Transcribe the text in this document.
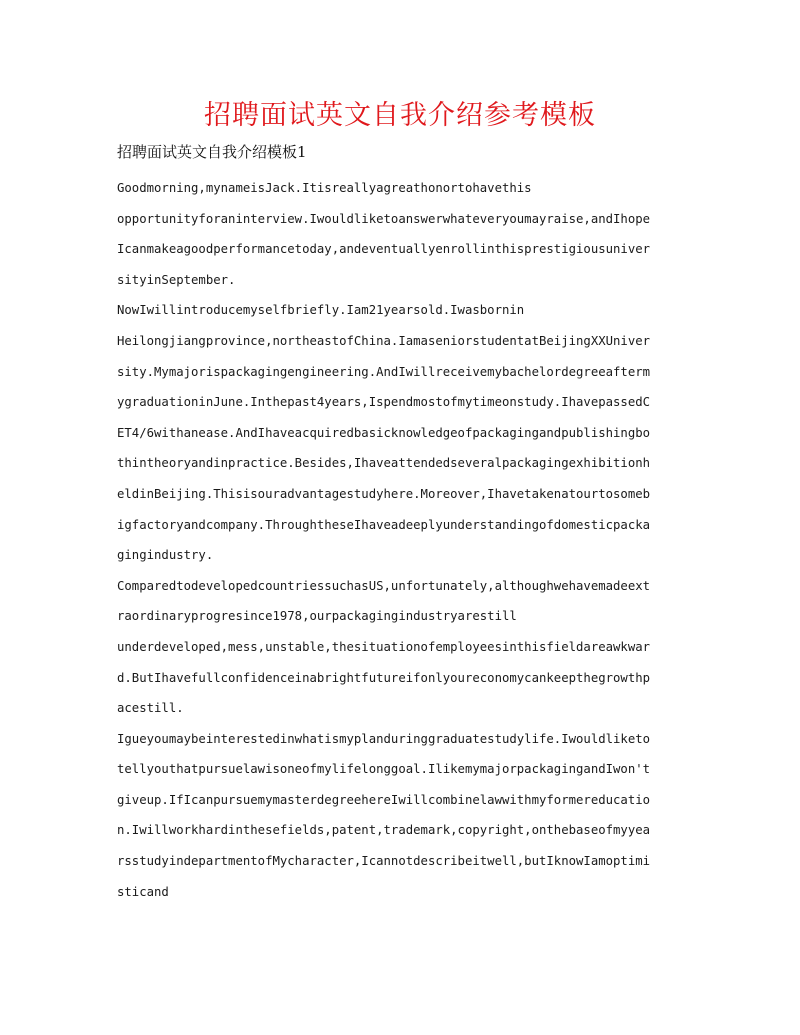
招聘面试英文自我介绍参考模板
招聘面试英文自我介绍模板1
Goodmorning,mynameisJack.Itisreallyagreathonortohavethis
opportunityforaninterview.Iwouldliketoanswerwhateveryoumayraise,andIhope
Icanmakeagoodperformancetoday,andeventuallyenrollinthisprestigiousuniver
sityinSeptember.
NowIwillintroducemyselfbriefly.Iam21yearsold.Iwasbornin
Heilongjiangprovince,northeastofChina.IamaseniorstudentatBeijingXXUniver
sity.Mymajorispackagingengineering.AndIwillreceivemybachelordegreeafterm
ygraduationinJune.Inthepast4years,Ispendmostofmytimeonstudy.IhavepassedC
ET4/6withanease.AndIhaveacquiredbasicknowledgeofpackagingandpublishingbo
thintheoryandinpractice.Besides,Ihaveattendedseveralpackagingexhibitionh
eldinBeijing.Thisisouradvantagestudyhere.Moreover,Ihavetakenatourtosomeb
igfactoryandcompany.ThroughtheseIhaveadeeplyunderstandingofdomesticpacka
gingindustry.
ComparedtodevelopedcountriessuchasUS,unfortunately,althoughwehavemadeext
raordinaryprogresince1978,ourpackagingindustryarestill
underdeveloped,mess,unstable,thesituationofemployeesinthisfieldareawkwar
d.ButIhavefullconfidenceinabrightfutureifonlyoureconomycankeepthegrowthp
acestill.
Igueyoumaybeinterestedinwhatismyplanduringgraduatestudylife.Iwouldliketo
tellyouthatpursuelawisoneofmylifelonggoal.IlikemymajorpackagingandIwon't
giveup.IfIcanpursuemymasterdegreehereIwillcombinelawwithmyformereducatio
n.Iwillworkhardinthesefields,patent,trademark,copyright,onthebaseofmyyea
rsstudyindepartmentofMycharacter,Icannotdescribeitwell,butIknowIamoptimi
sticand
